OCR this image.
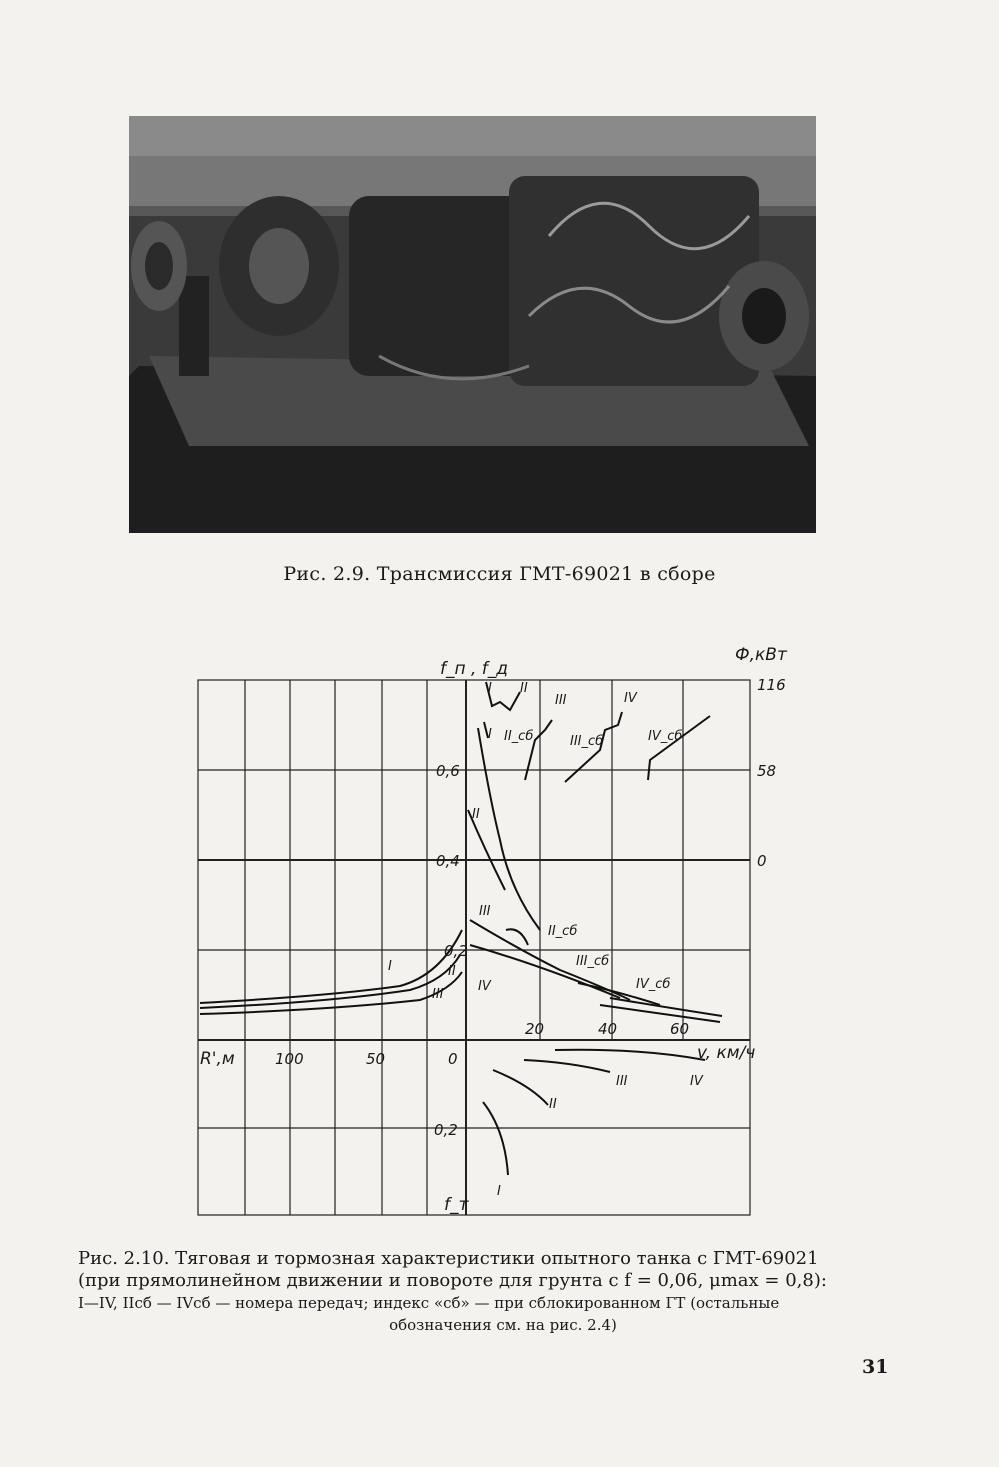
Рис. 2.9. Трансмиссия ГМТ-69021 в сборе
f_п , f_д
Ф,кВт
R',м	v, км/ч
f_т
0,6
0,4
0,2
116
58
0
20	40	60
100	50	0
0,2
I II
III	IV
I II_сб	III_сб	IV_сб
II
III
II_сб
III_сб
IV	IV_сб
I	II
III
II
III	IV
I
Рис. 2.10. Тяговая и тормозная характеристики опытного танка с ГМТ-69021
(при прямолинейном движении и повороте для грунта с f = 0,06, μmax = 0,8):
I—IV, IIсб — IVсб — номера передач; индекс «сб» — при сблокированном ГТ (остальные
обозначения см. на рис. 2.4)
31
